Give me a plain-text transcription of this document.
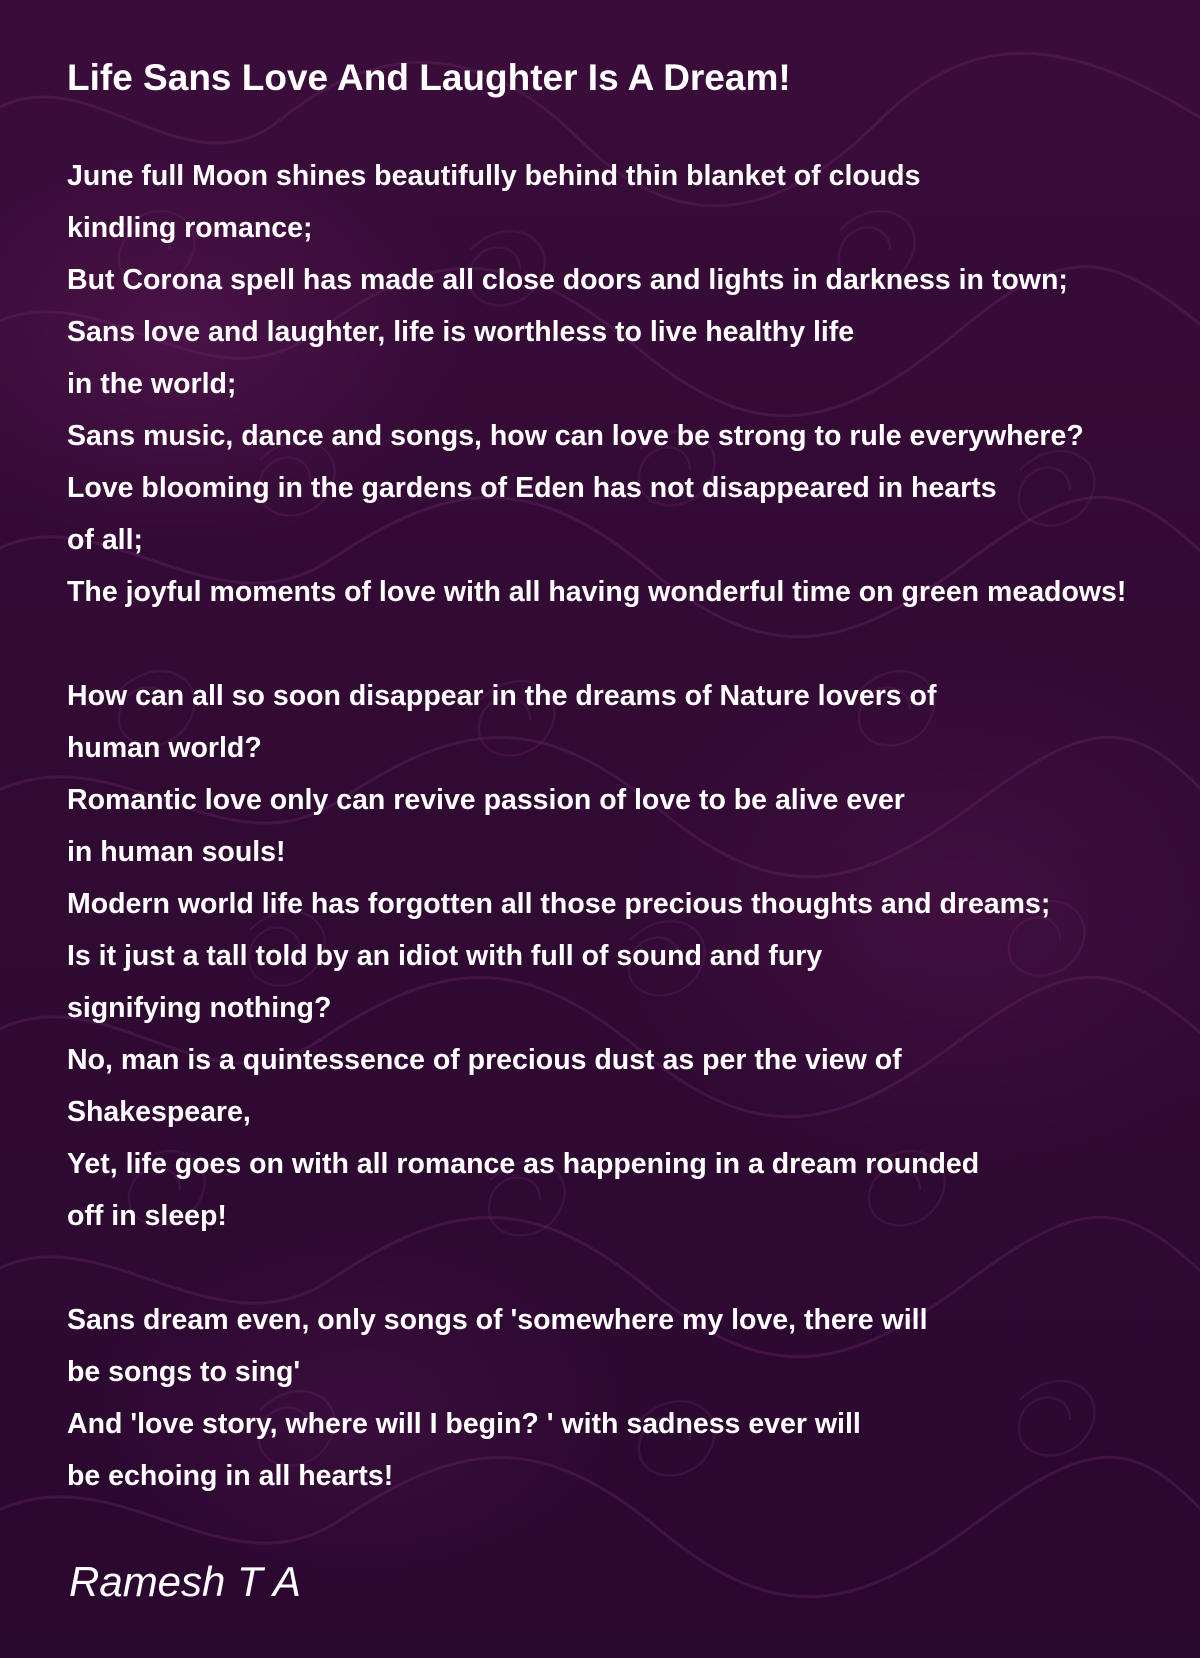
Life Sans Love And Laughter Is A Dream!
June full Moon shines beautifully behind thin blanket of clouds
kindling romance;
But Corona spell has made all close doors and lights in darkness in town;
Sans love and laughter, life is worthless to live healthy life
in the world;
Sans music, dance and songs, how can love be strong to rule everywhere?
Love blooming in the gardens of Eden has not disappeared in hearts
of all;
The joyful moments of love with all having wonderful time on green meadows!
How can all so soon disappear in the dreams of Nature lovers of
human world?
Romantic love only can revive passion of love to be alive ever
in human souls!
Modern world life has forgotten all those precious thoughts and dreams;
Is it just a tall told by an idiot with full of sound and fury
signifying nothing?
No, man is a quintessence of precious dust as per the view of
Shakespeare,
Yet, life goes on with all romance as happening in a dream rounded
off in sleep!
Sans dream even, only songs of 'somewhere my love, there will
be songs to sing'
And 'love story, where will I begin? ' with sadness ever will
be echoing in all hearts!
Ramesh T A
